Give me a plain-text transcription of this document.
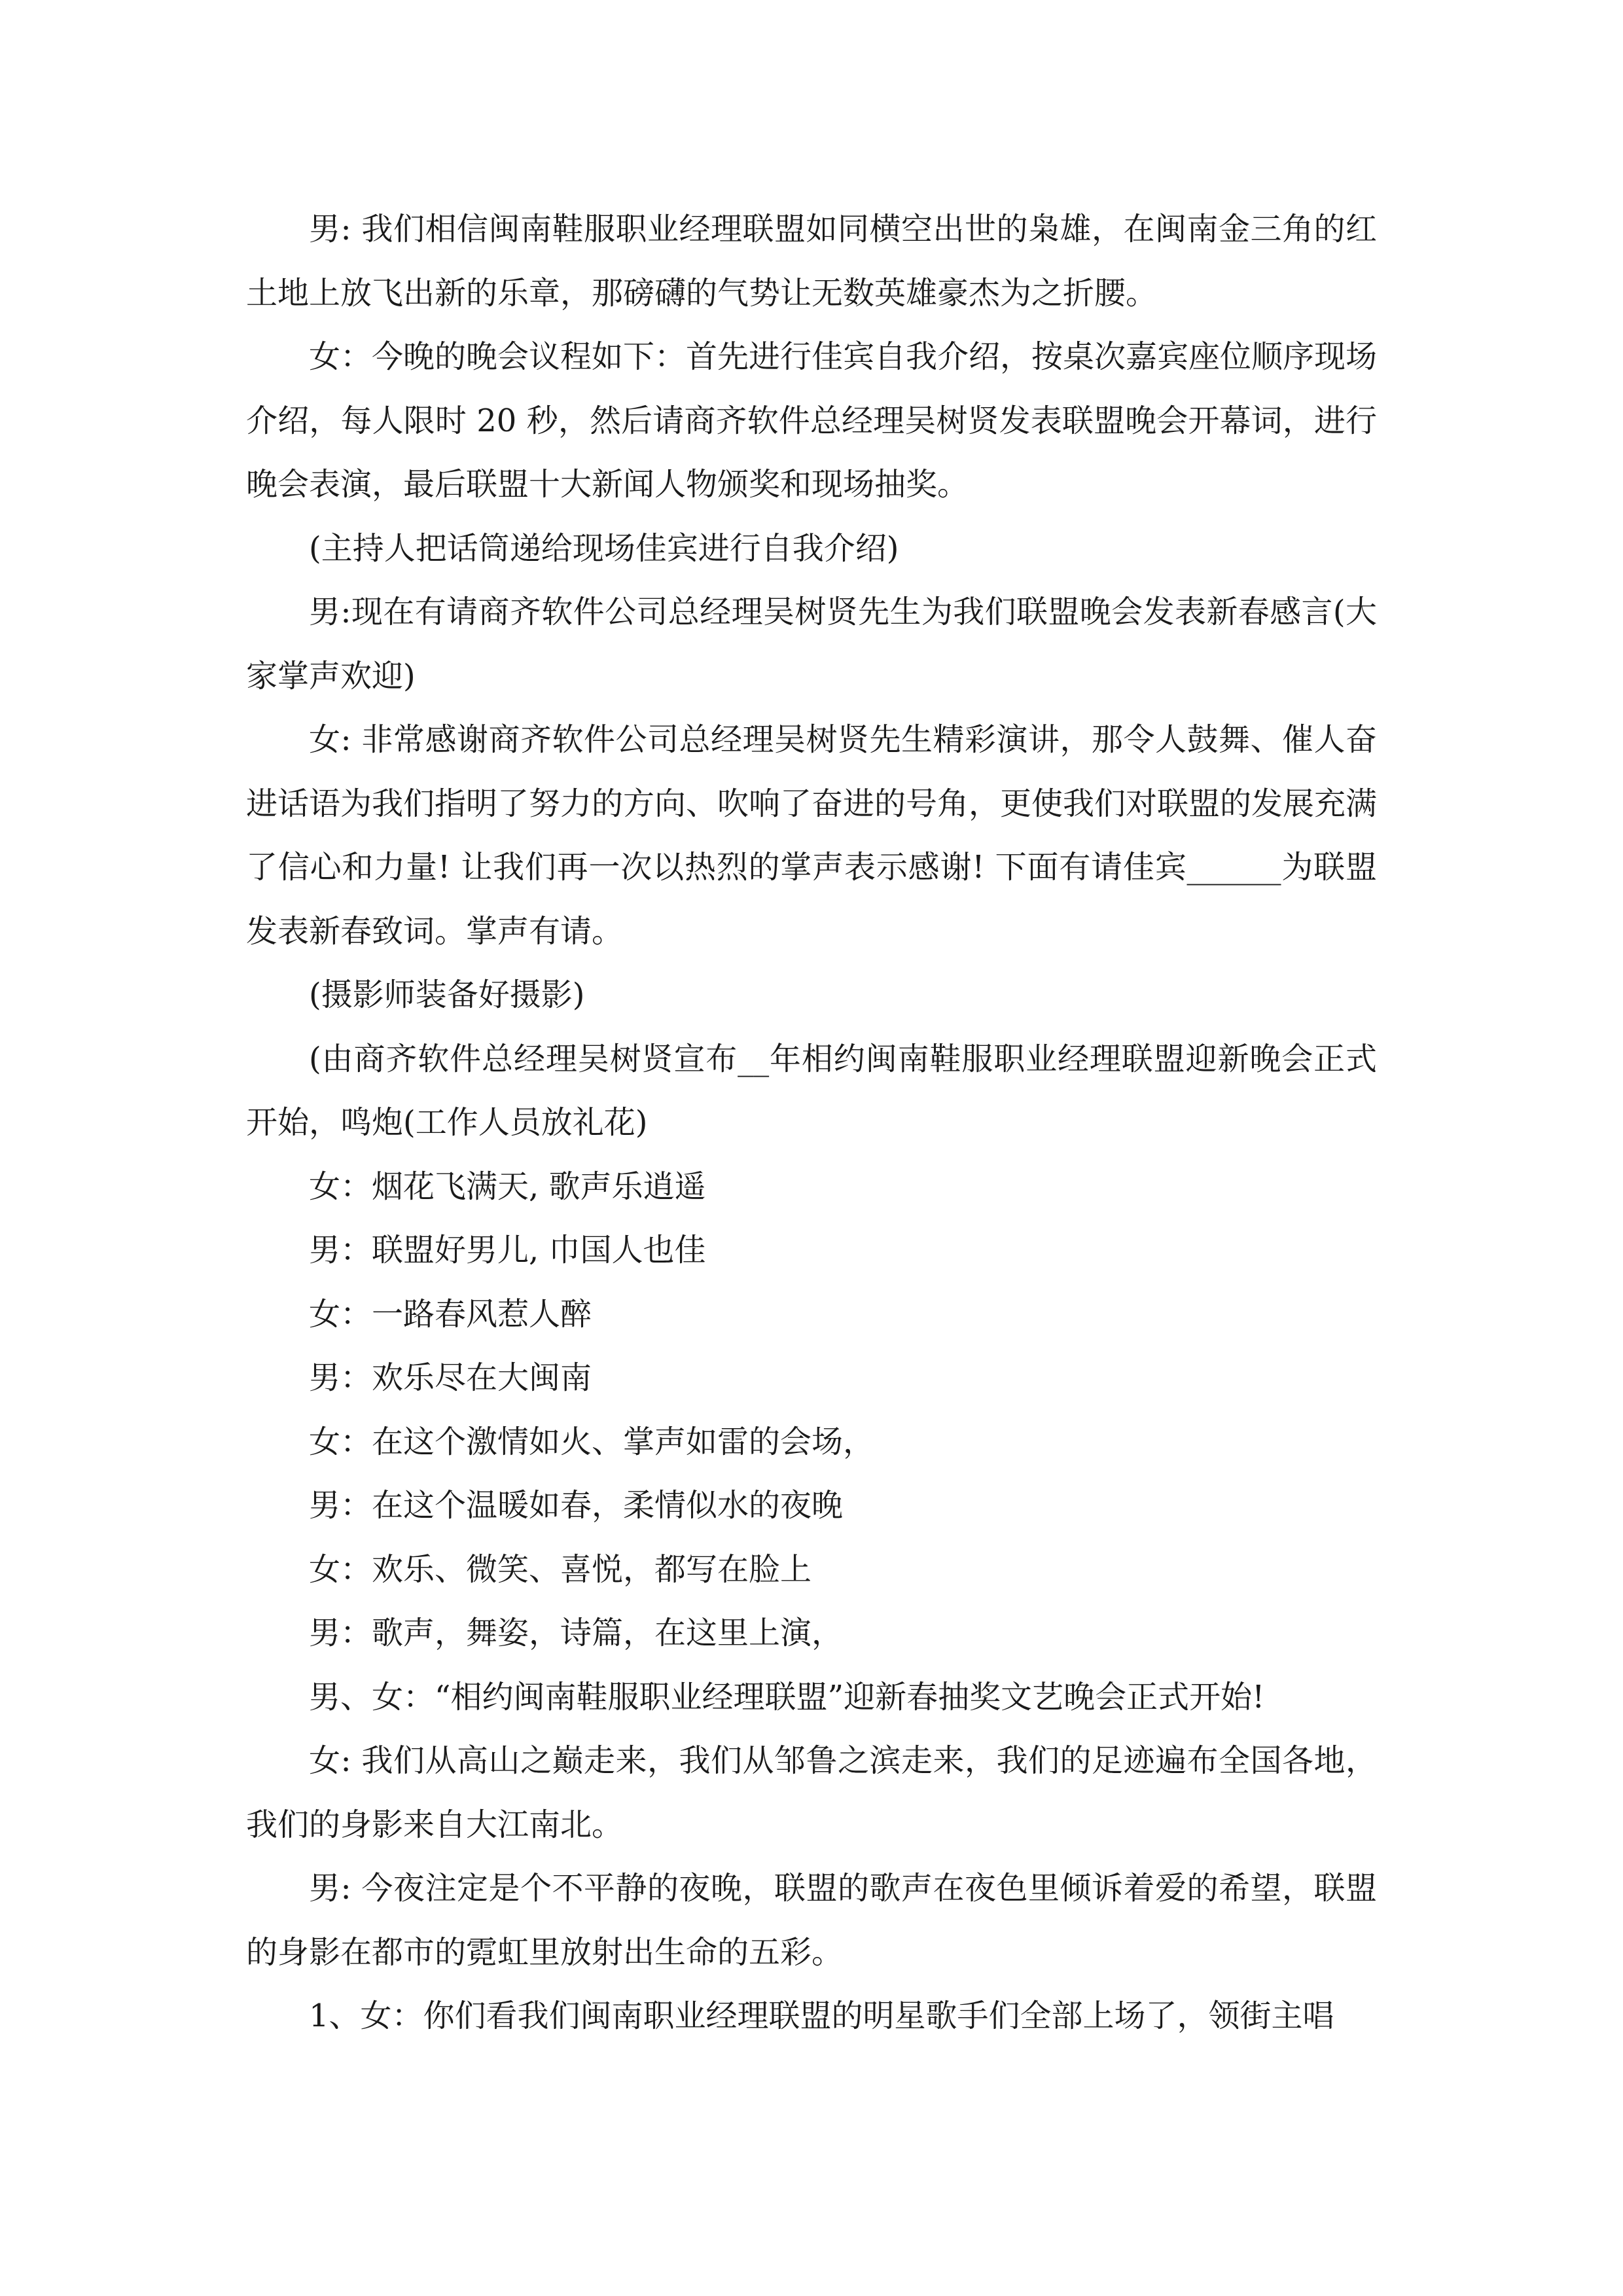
男: 我们相信闽南鞋服职业经理联盟如同横空出世的枭雄，在闽南金三角的红土地上放飞出新的乐章，那磅礴的气势让无数英雄豪杰为之折腰。

女：今晚的晚会议程如下：首先进行佳宾自我介绍，按桌次嘉宾座位顺序现场介绍，每人限时 20 秒，然后请商齐软件总经理吴树贤发表联盟晚会开幕词，进行晚会表演，最后联盟十大新闻人物颁奖和现场抽奖。

(主持人把话筒递给现场佳宾进行自我介绍)

男:现在有请商齐软件公司总经理吴树贤先生为我们联盟晚会发表新春感言(大家掌声欢迎)

女: 非常感谢商齐软件公司总经理吴树贤先生精彩演讲，那令人鼓舞、催人奋进话语为我们指明了努力的方向、吹响了奋进的号角，更使我们对联盟的发展充满了信心和力量! 让我们再一次以热烈的掌声表示感谢! 下面有请佳宾______为联盟发表新春致词。掌声有请。

(摄影师装备好摄影)

(由商齐软件总经理吴树贤宣布__年相约闽南鞋服职业经理联盟迎新晚会正式开始，鸣炮(工作人员放礼花)

女：烟花飞满天, 歌声乐逍遥

男：联盟好男儿, 巾国人也佳

女：一路春风惹人醉

男：欢乐尽在大闽南

女：在这个激情如火、掌声如雷的会场，

男：在这个温暖如春，柔情似水的夜晚

女：欢乐、微笑、喜悦，都写在脸上

男：歌声，舞姿，诗篇，在这里上演，

男、女：“相约闽南鞋服职业经理联盟”迎新春抽奖文艺晚会正式开始!

女: 我们从高山之巅走来，我们从邹鲁之滨走来，我们的足迹遍布全国各地，我们的身影来自大江南北。

男: 今夜注定是个不平静的夜晚，联盟的歌声在夜色里倾诉着爱的希望，联盟的身影在都市的霓虹里放射出生命的五彩。

1、女：你们看我们闽南职业经理联盟的明星歌手们全部上场了，领街主唱
